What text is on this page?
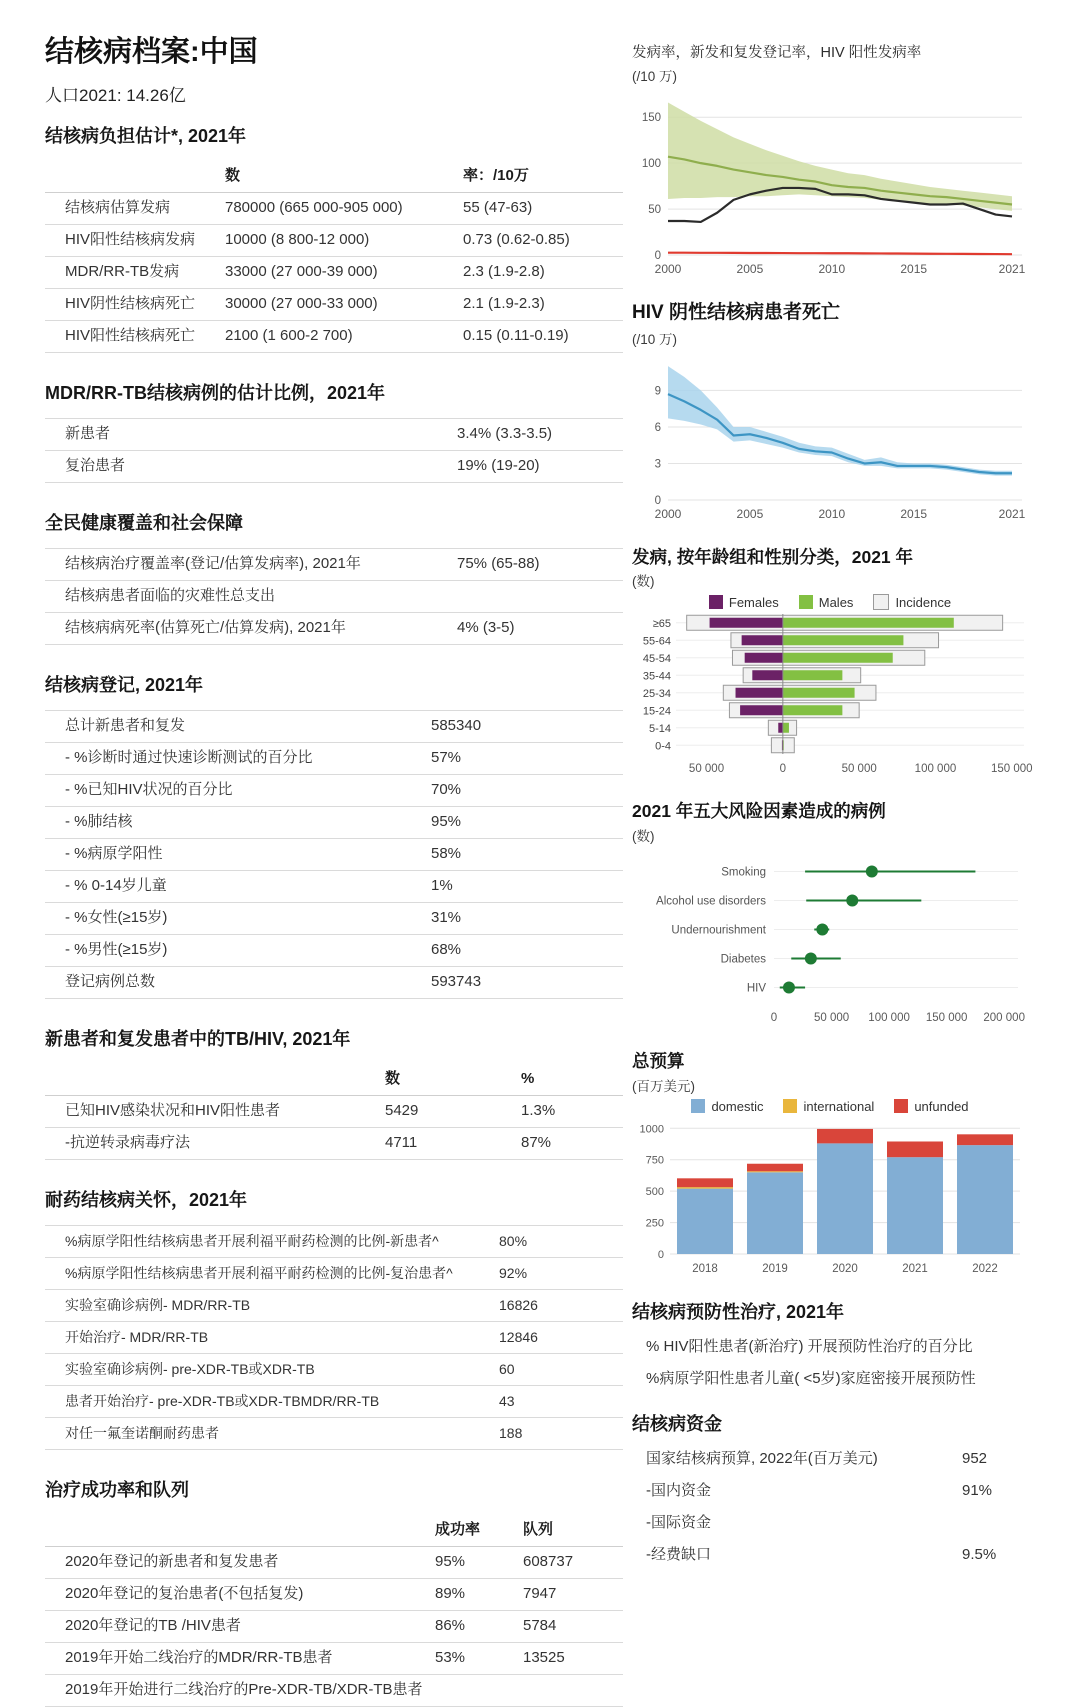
结核病档案:中国
人口2021: 14.26亿
结核病负担估计*, 2021年
数	率：/10万
结核病估算发病	780000 (665 000-905 000)	55 (47-63)
HIV阳性结核病发病	10000 (8 800-12 000)	0.73 (0.62-0.85)
MDR/RR-TB发病	33000 (27 000-39 000)	2.3 (1.9-2.8)
HIV阴性结核病死亡	30000 (27 000-33 000)	2.1 (1.9-2.3)
HIV阳性结核病死亡	2100 (1 600-2 700)	0.15 (0.11-0.19)
MDR/RR-TB结核病例的估计比例，2021年
新患者	3.4% (3.3-3.5)
复治患者	19% (19-20)
全民健康覆盖和社会保障
结核病治疗覆盖率(登记/估算发病率), 2021年	75% (65-88)
结核病患者面临的灾难性总支出
结核病病死率(估算死亡/估算发病), 2021年	4% (3-5)
结核病登记, 2021年
总计新患者和复发	585340
- %诊断时通过快速诊断测试的百分比	57%
- %已知HIV状况的百分比	70%
- %肺结核	95%
- %病原学阳性	58%
- % 0-14岁儿童	1%
- %女性(≥15岁)	31%
- %男性(≥15岁)	68%
登记病例总数	593743
新患者和复发患者中的TB/HIV, 2021年
数	%
已知HIV感染状况和HIV阳性患者	5429	1.3%
-抗逆转录病毒疗法	4711	87%
耐药结核病关怀，2021年
%病原学阳性结核病患者开展利福平耐药检测的比例-新患者^	80%
%病原学阳性结核病患者开展利福平耐药检测的比例-复治患者^	92%
实验室确诊病例- MDR/RR-TB	16826
开始治疗- MDR/RR-TB	12846
实验室确诊病例- pre-XDR-TB或XDR-TB	60
患者开始治疗- pre-XDR-TB或XDR-TBMDR/RR-TB	43
对任一氟奎诺酮耐药患者	188
治疗成功率和队列
成功率	队列
2020年登记的新患者和复发患者	95%	608737
2020年登记的复治患者(不包括复发)	89%	7947
2020年登记的TB /HIV患者	86%	5784
2019年开始二线治疗的MDR/RR-TB患者	53%	13525
2019年开始进行二线治疗的Pre-XDR-TB/XDR-TB患者
发病率，新发和复发登记率，HIV 阳性发病率
(/10 万)
0
50
100
150
2000	2005	2010	2015	2021
HIV 阴性结核病患者死亡
(/10 万)
0
3
6
9
2000	2005	2010	2015	2021
发病, 按年龄组和性别分类，2021 年
(数)
Females	Males	Incidence
≥65
55-64
45-54
35-44
25-34
15-24
5-14
0-4
50 000	0	50 000	100 000	150 000
2021 年五大风险因素造成的病例
(数)
Smoking
Alcohol use disorders
Undernourishment
Diabetes
HIV
0	50 000 100 000 150 000 200 000
总预算
(百万美元)
domestic	international	unfunded
0
250
500
750
1000
2018	2019	2020	2021	2022
结核病预防性治疗, 2021年
% HIV阳性患者(新治疗) 开展预防性治疗的百分比
%病原学阳性患者儿童( <5岁)家庭密接开展预防性
结核病资金
国家结核病预算, 2022年(百万美元)	952
-国内资金	91%
-国际资金
-经费缺口	9.5%
